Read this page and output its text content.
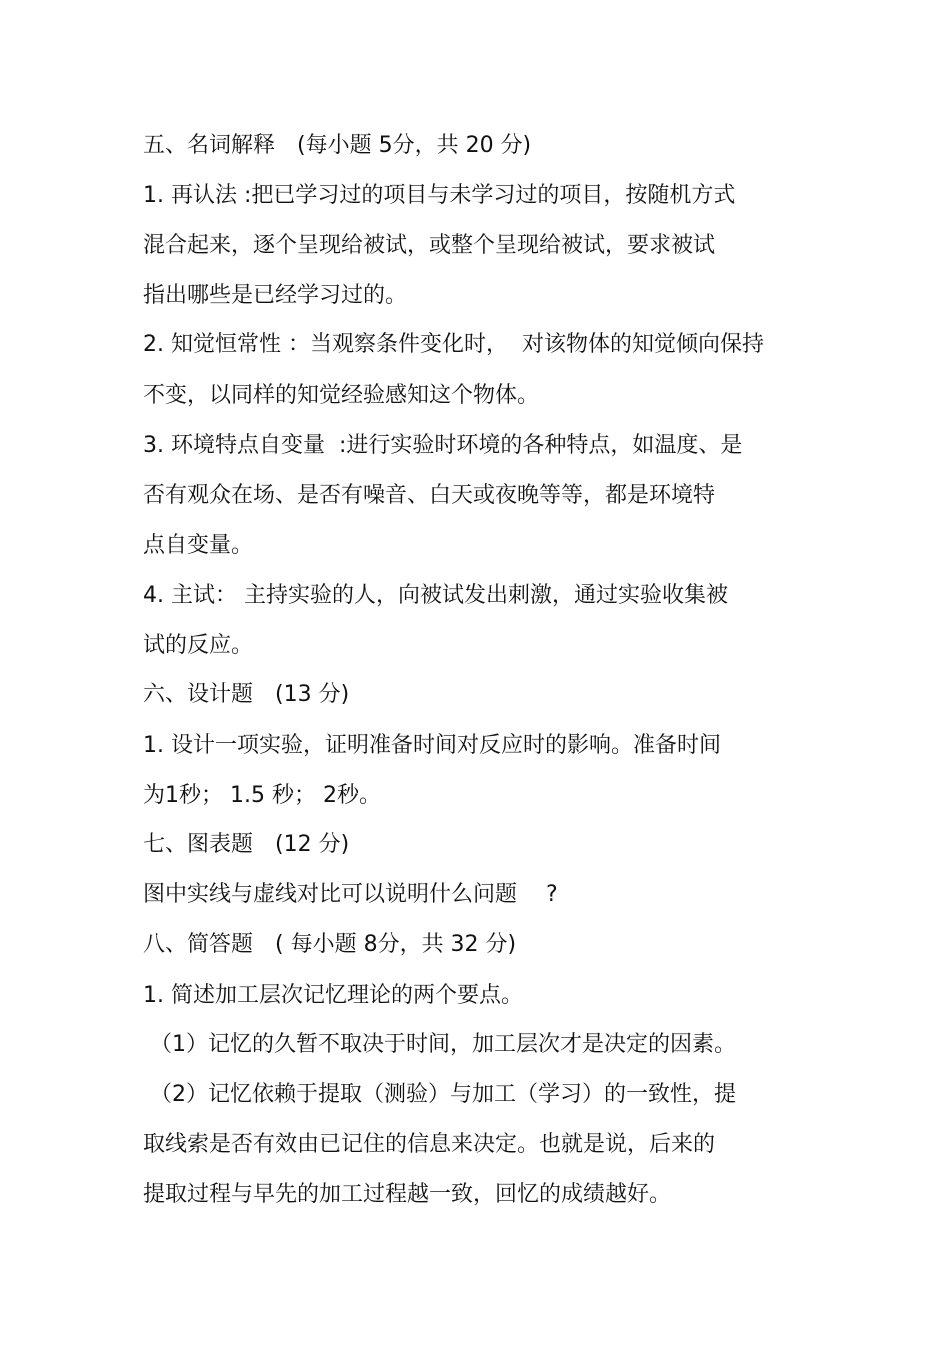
五、名词解释　(每小题 5分，共 20 分)

1. 再认法 :把已学习过的项目与未学习过的项目，按随机方式

混合起来，逐个呈现给被试，或整个呈现给被试，要求被试

指出哪些是已经学习过的。

2. 知觉恒常性 ：当观察条件变化时，  对该物体的知觉倾向保持

不变，以同样的知觉经验感知这个物体。

3. 环境特点自变量  :进行实验时环境的各种特点，如温度、是

否有观众在场、是否有噪音、白天或夜晚等等，都是环境特

点自变量。

4. 主试： 主持实验的人，向被试发出刺激，通过实验收集被

试的反应。

六、设计题　(13 分)

1. 设计一项实验，证明准备时间对反应时的影响。准备时间

为1秒； 1.5 秒； 2秒。

七、图表题　(12 分)

图中实线与虚线对比可以说明什么问题　 ?

八、简答题　( 每小题 8分，共 32 分)

1. 简述加工层次记忆理论的两个要点。

（1）记忆的久暂不取决于时间，加工层次才是决定的因素。

（2）记忆依赖于提取（测验）与加工（学习）的一致性，提

取线索是否有效由已记住的信息来决定。也就是说，后来的

提取过程与早先的加工过程越一致，回忆的成绩越好。
